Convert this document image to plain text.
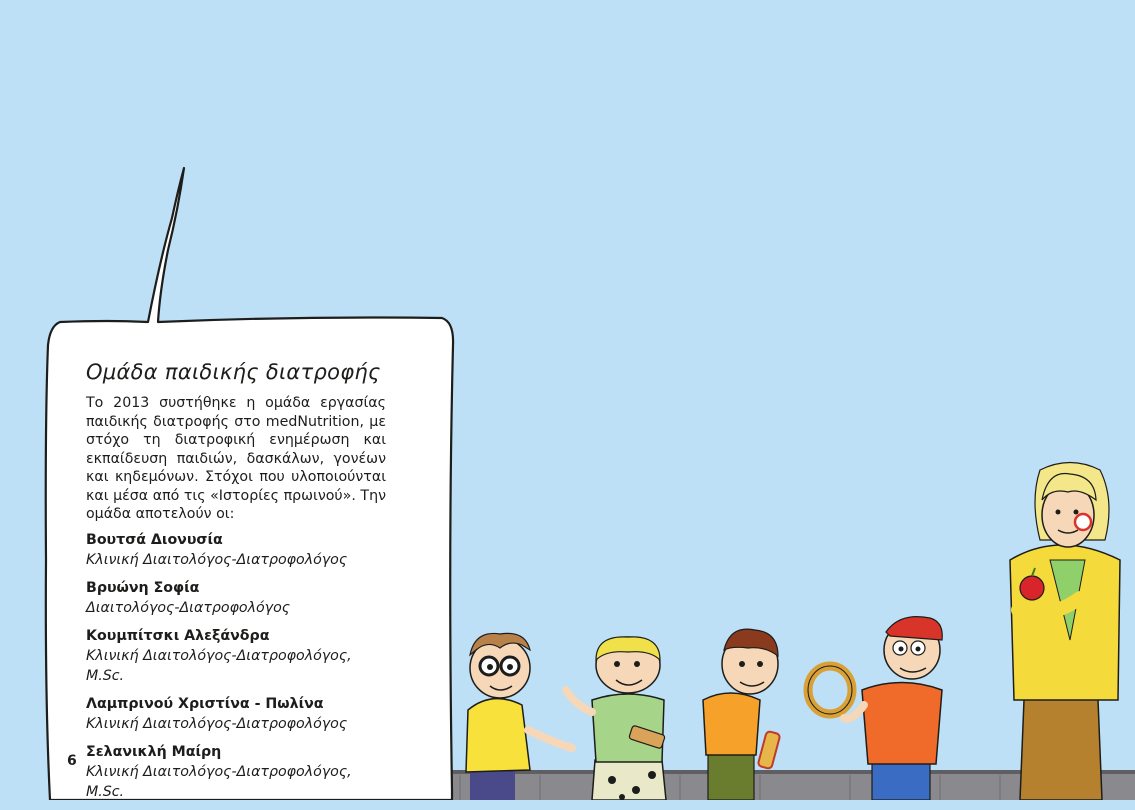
Ομάδα παιδικής διατροφής

Το 2013 συστήθηκε η ομάδα εργασίας παιδικής διατροφής στο medNutrition, με στόχο τη διατροφική ενημέρωση και εκπαίδευση παιδιών, δασκάλων, γονέων και κηδεμόνων. Στόχοι που υλοποιούνται και μέσα από τις «Ιστορίες πρωινού». Την ομάδα αποτελούν οι:

Βουτσά Διονυσία
Κλινική Διαιτολόγος-Διατροφολόγος
Βρυώνη Σοφία
Διαιτολόγος-Διατροφολόγος
Κουμπίτσκι Αλεξάνδρα
Κλινική Διαιτολόγος-Διατροφολόγος, M.Sc.
Λαμπρινού Χριστίνα - Πωλίνα
Κλινική Διαιτολόγος-Διατροφολόγος
Σελανικλή Μαίρη
Κλινική Διαιτολόγος-Διατροφολόγος, M.Sc.
6
